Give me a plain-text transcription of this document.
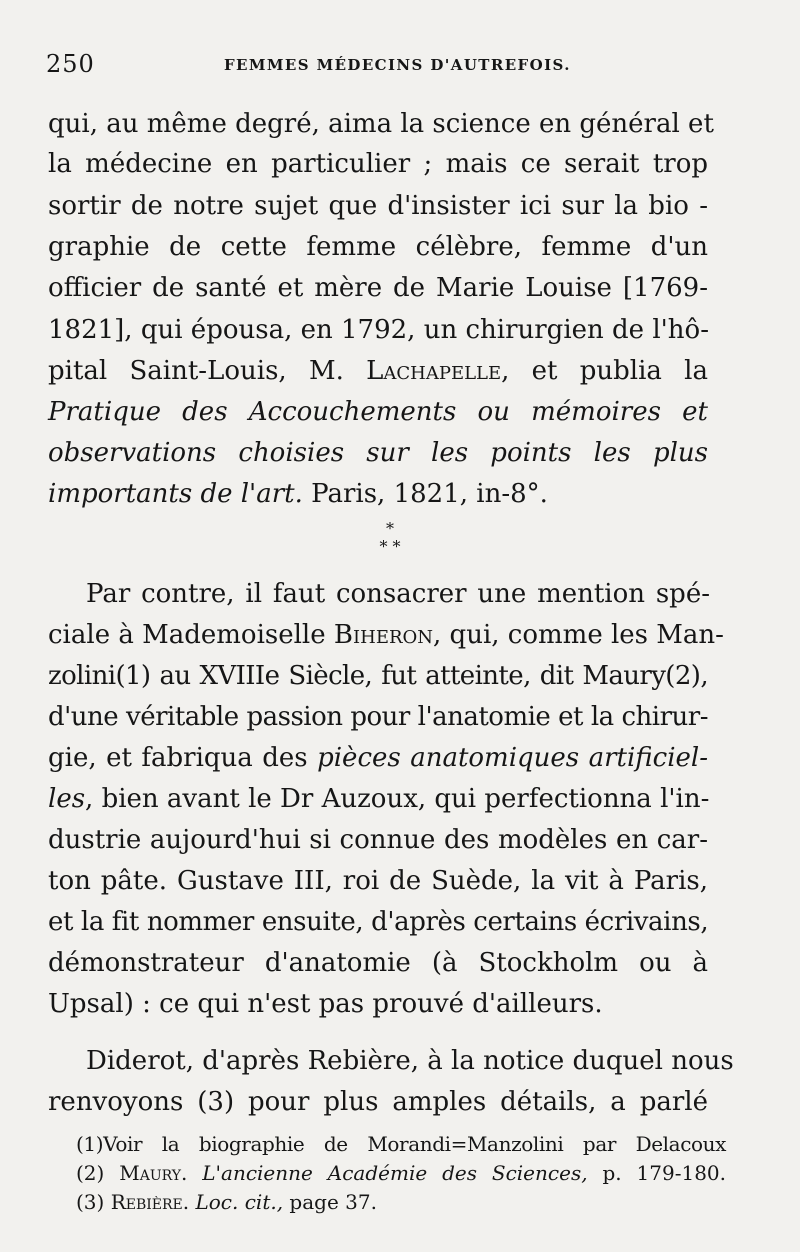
250	FEMMES MÉDECINS D'AUTREFOIS.
qui, au même degré, aima la science en général et
la médecine en particulier ; mais ce serait trop
sortir de notre sujet que d'insister ici sur la bio -
graphie de cette femme célèbre, femme d'un
officier de santé et mère de Marie Louise [1769-
1821], qui épousa, en 1792, un chirurgien de l'hô-
pital Saint-Louis, M. Lachapelle, et publia la
Pratique des Accouchements ou mémoires et
observations choisies sur les points les plus
importants de l'art. Paris, 1821, in-8°.
*
* *
Par contre, il faut consacrer une mention spé-
ciale à Mademoiselle Biheron, qui, comme les Man-
zolini(1) au XVIIIe Siècle, fut atteinte, dit Maury(2),
d'une véritable passion pour l'anatomie et la chirur-
gie, et fabriqua des pièces anatomiques artificiel-
les, bien avant le Dr Auzoux, qui perfectionna l'in-
dustrie aujourd'hui si connue des modèles en car-
ton pâte. Gustave III, roi de Suède, la vit à Paris,
et la fit nommer ensuite, d'après certains écrivains,
démonstrateur d'anatomie (à Stockholm ou à
Upsal) : ce qui n'est pas prouvé d'ailleurs.
Diderot, d'après Rebière, à la notice duquel nous
renvoyons (3) pour plus amples détails, a parlé
(1)Voir la biographie de Morandi=Manzolini par Delacoux
(2) Maury. L'ancienne Académie des Sciences, p. 179-180.
(3) Rebière. Loc. cit., page 37.
